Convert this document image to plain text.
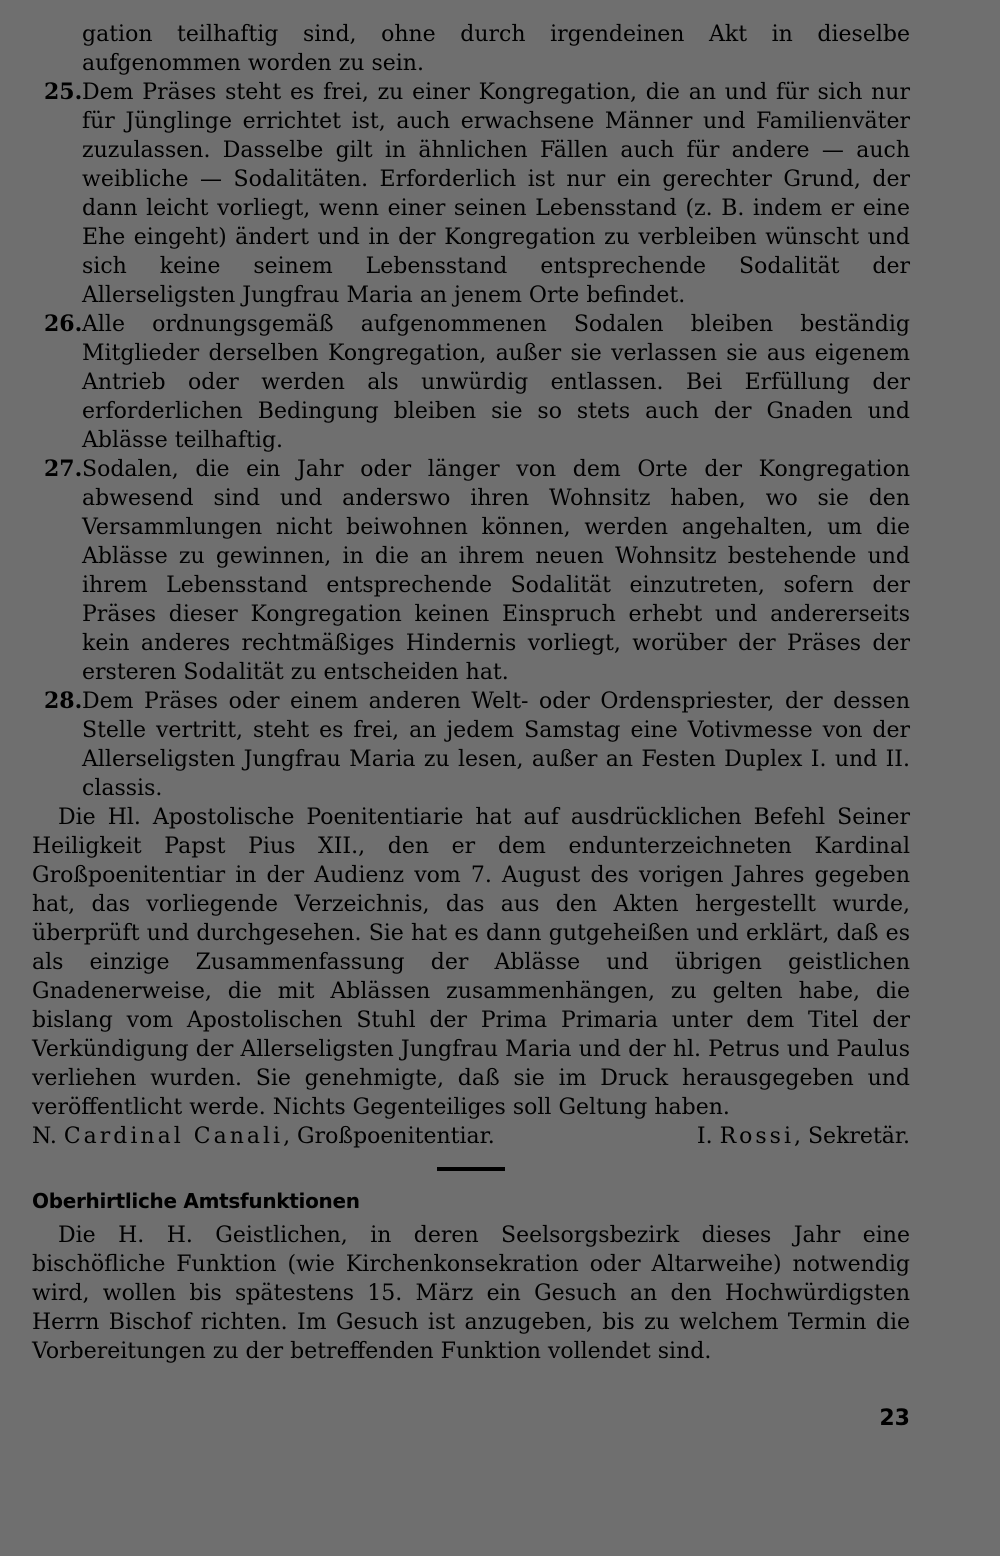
gation teilhaftig sind, ohne durch irgendeinen Akt in dieselbe aufgenommen worden zu sein.

25. Dem Präses steht es frei, zu einer Kongregation, die an und für sich nur für Jünglinge errichtet ist, auch erwachsene Männer und Familienväter zuzulassen. Dasselbe gilt in ähnlichen Fällen auch für andere — auch weibliche — Sodalitäten. Erforderlich ist nur ein gerechter Grund, der dann leicht vorliegt, wenn einer seinen Lebensstand (z. B. indem er eine Ehe eingeht) ändert und in der Kongregation zu verbleiben wünscht und sich keine seinem Lebensstand entsprechende Sodalität der Allerseligsten Jungfrau Maria an jenem Orte befindet.
26. Alle ordnungsgemäß aufgenommenen Sodalen bleiben beständig Mitglieder derselben Kongregation, außer sie verlassen sie aus eigenem Antrieb oder werden als unwürdig entlassen. Bei Erfüllung der erforderlichen Bedingung bleiben sie so stets auch der Gnaden und Ablässe teilhaftig.
27. Sodalen, die ein Jahr oder länger von dem Orte der Kongregation abwesend sind und anderswo ihren Wohnsitz haben, wo sie den Versammlungen nicht beiwohnen können, werden angehalten, um die Ablässe zu gewinnen, in die an ihrem neuen Wohnsitz bestehende und ihrem Lebensstand entsprechende Sodalität einzutreten, sofern der Präses dieser Kongregation keinen Einspruch erhebt und andererseits kein anderes rechtmäßiges Hindernis vorliegt, worüber der Präses der ersteren Sodalität zu entscheiden hat.
28. Dem Präses oder einem anderen Welt- oder Ordenspriester, der dessen Stelle vertritt, steht es frei, an jedem Samstag eine Votivmesse von der Allerseligsten Jungfrau Maria zu lesen, außer an Festen Duplex I. und II. classis.

Die Hl. Apostolische Poenitentiarie hat auf ausdrücklichen Befehl Seiner Heiligkeit Papst Pius XII., den er dem endunterzeichneten Kardinal Großpoenitentiar in der Audienz vom 7. August des vorigen Jahres gegeben hat, das vorliegende Verzeichnis, das aus den Akten hergestellt wurde, überprüft und durchgesehen. Sie hat es dann gutgeheißen und erklärt, daß es als einzige Zusammenfassung der Ablässe und übrigen geistlichen Gnadenerweise, die mit Ablässen zusammenhängen, zu gelten habe, die bislang vom Apostolischen Stuhl der Prima Primaria unter dem Titel der Verkündigung der Allerseligsten Jungfrau Maria und der hl. Petrus und Paulus verliehen wurden. Sie genehmigte, daß sie im Druck herausgegeben und veröffentlicht werde. Nichts Gegenteiliges soll Geltung haben.

N. Cardinal Canali, Großpoenitentiar.	I. Rossi, Sekretär.
Oberhirtliche Amtsfunktionen

Die H. H. Geistlichen, in deren Seelsorgsbezirk dieses Jahr eine bischöfliche Funktion (wie Kirchenkonsekration oder Altarweihe) notwendig wird, wollen bis spätestens 15. März ein Gesuch an den Hochwürdigsten Herrn Bischof richten. Im Gesuch ist anzugeben, bis zu welchem Termin die Vorbereitungen zu der betreffenden Funktion vollendet sind.

23
